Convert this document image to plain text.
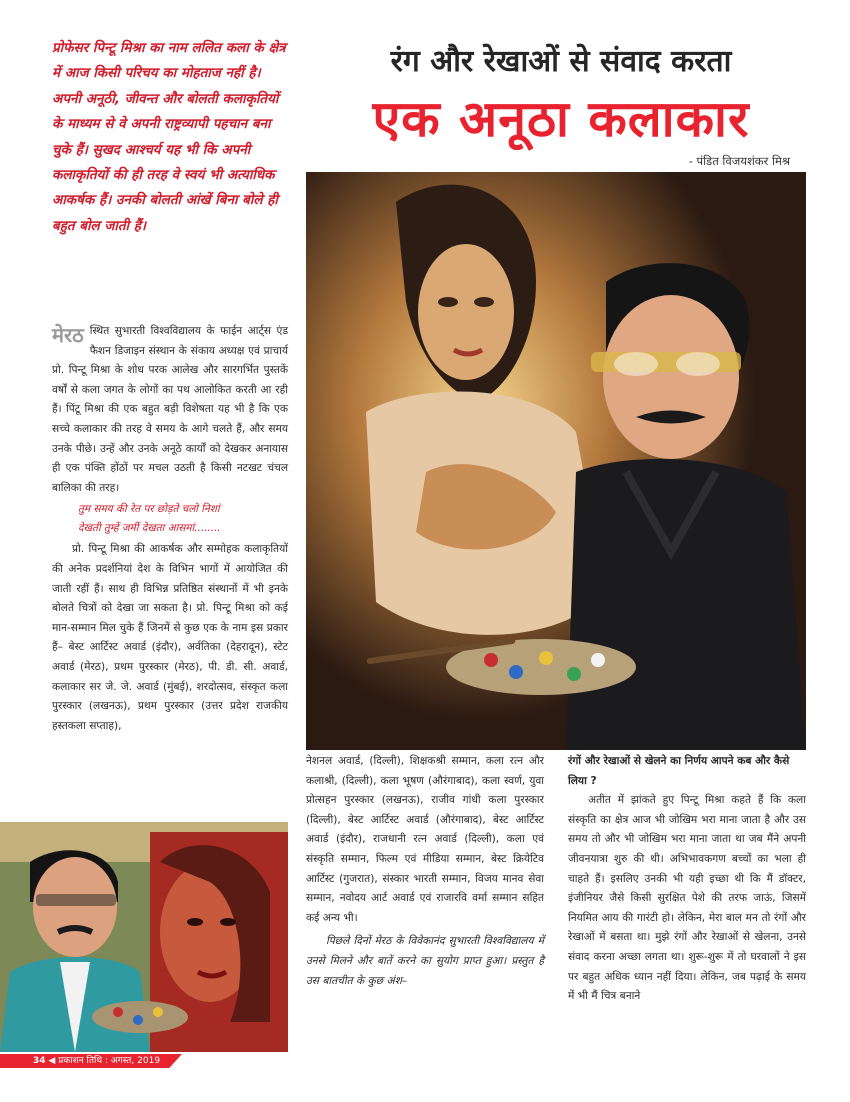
प्रोफेसर पिन्टू मिश्रा का नाम ललित कला के क्षेत्र में आज किसी परिचय का मोहताज नहीं है। अपनी अनूठी, जीवन्त और बोलती कलाकृतियों के माध्यम से वे अपनी राष्ट्रव्यापी पहचान बना चुके हैं। सुखद आश्चर्य यह भी कि अपनी कलाकृतियों की ही तरह वे स्वयं भी अत्याधिक आकर्षक हैं। उनकी बोलती आंखें बिना बोले ही बहुत बोल जाती हैं।
रंग और रेखाओं से संवाद करता
एक अनूठा कलाकार
- पंडित विजयशंकर मिश्र

मेरठ स्थित सुभारती विश्वविद्यालय के फाईन आर्ट्स एंड फैशन डिजाइन संस्थान के संकाय अध्यक्ष एवं प्राचार्य प्रो. पिन्टू मिश्रा के शोध परक आलेख और सारगर्भित पुस्तकें वर्षों से कला जगत के लोगों का पथ आलोकित करती आ रही हैं। पिंटू मिश्रा की एक बहुत बड़ी विशेषता यह भी है कि एक सच्चे कलाकार की तरह वे समय के आगे चलते हैं, और समय उनके पीछे। उन्हें और उनके अनूठे कार्यों को देखकर अनायास ही एक पंक्ति होंठों पर मचल उठती है किसी नटखट चंचल बालिका की तरह।

तुम समय की रेत पर छोड़ते चलो निशां
देखती तुम्हें जमीं देखता आसमां........

प्रो. पिन्टू मिश्रा की आकर्षक और सम्मोहक कलाकृतियों की अनेक प्रदर्शनियां देश के विभिन भागों में आयोजित की जाती रहीं हैं। साथ ही विभिन्न प्रतिष्ठित संस्थानों में भी इनके बोलते चित्रों को देखा जा सकता है। प्रो. पिन्टू मिश्रा को कई मान-सम्मान मिल चुके हैं जिनमें से कुछ एक के नाम इस प्रकार हैं– बेस्ट आर्टिस्ट अवार्ड (इंदौर), अर्वतिका (देहरादून), स्टेट अवार्ड (मेरठ), प्रथम पुरस्कार (मेरठ), पी. डी. सी. अवार्ड, कलाकार सर जे. जे. अवार्ड (मुंबई), शरदोत्सव, संस्कृत कला पुरस्कार (लखनऊ), प्रथम पुरस्कार (उत्तर प्रदेश राजकीय हस्तकला सप्ताह),

नेशनल अवार्ड, (दिल्ली), शिक्षकश्री सम्मान, कला रत्न और कलाश्री, (दिल्ली), कला भूषण (औरंगाबाद), कला स्वर्ण, युवा प्रोत्सहन पुरस्कार (लखनऊ), राजीव गांधी कला पुरस्कार (दिल्ली), बेस्ट आर्टिस्ट अवार्ड (औरंगाबाद), बेस्ट आर्टिस्ट अवार्ड (इंदौर), राजधानी रत्न अवार्ड (दिल्ली), कला एवं संस्कृति सम्मान, फिल्म एवं मीडिया सम्मान, बेस्ट क्रियेटिव आर्टिस्ट (गुजरात), संस्कार भारती सम्मान, विजय मानव सेवा सम्मान, नवोदय आर्ट अवार्ड एवं राजारवि वर्मा सम्मान सहित कई अन्य भी।

पिछले दिनों मेरठ के विवेकानंद सुभारती विश्वविद्यालय में उनसे मिलने और बातें करने का सुयोग प्राप्त हुआ। प्रस्तुत है उस बातचीत के कुछ अंश–

रंगों और रेखाओं से खेलने का निर्णय आपने कब और कैसे लिया ?

अतीत में झांकते हुए पिन्टू मिश्रा कहते हैं कि कला संस्कृति का क्षेत्र आज भी जोखिम भरा माना जाता है और उस समय तो और भी जोखिम भरा माना जाता था जब मैंने अपनी जीवनयात्रा शुरु की थी। अभिभावकगण बच्चों का भला ही चाहते हैं। इसलिए उनकी भी यही इच्छा थी कि मैं डॉक्टर, इंजीनियर जैसे किसी सुरक्षित पेशे की तरफ जाऊं, जिसमें नियमित आय की गारंटी हो। लेकिन, मेरा बाल मन तो रंगों और रेखाओं में बसता था। मुझे रंगों और रेखाओं से खेलना, उनसे संवाद करना अच्छा लगता था। शुरू-शुरू में तो घरवालों ने इस पर बहुत अधिक ध्यान नहीं दिया। लेकिन, जब पढ़ाई के समय में भी मैं चित्र बनाने

34 ◀ प्रकाशन तिथि : अगस्त, 2019
